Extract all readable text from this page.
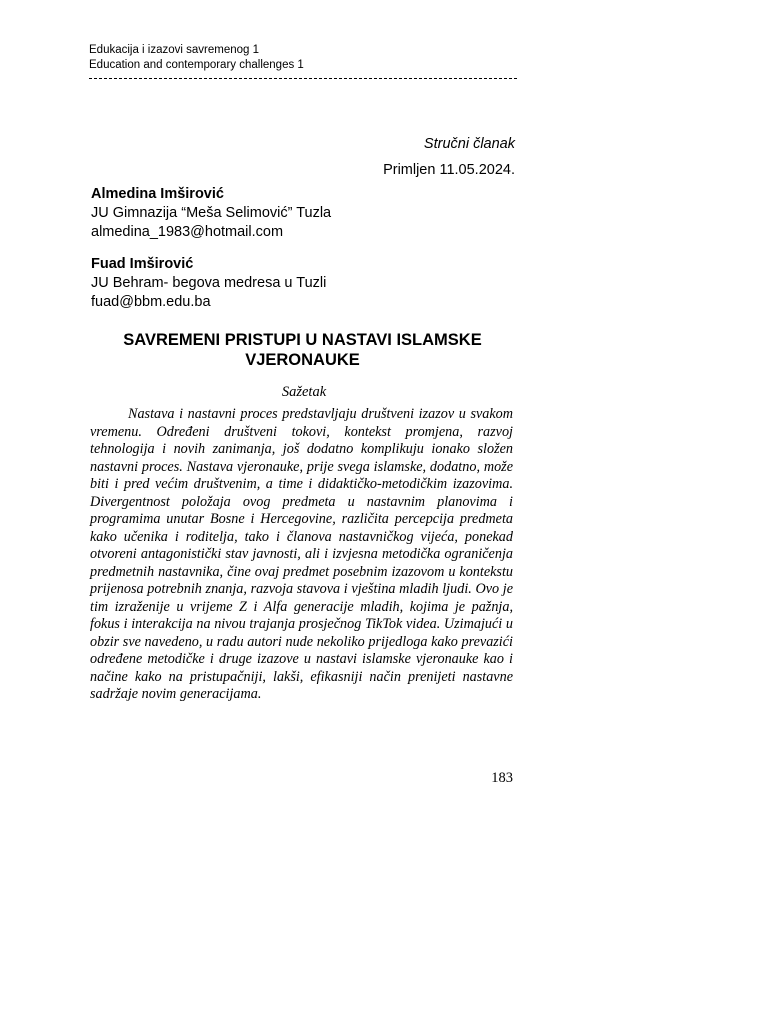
Edukacija i izazovi savremenog 1
Education and contemporary challenges 1
Stručni članak
Primljen 11.05.2024.
Almedina Imširović
JU Gimnazija “Meša Selimović” Tuzla
almedina_1983@hotmail.com
Fuad Imširović
JU Behram- begova medresa u Tuzli
fuad@bbm.edu.ba
SAVREMENI PRISTUPI U NASTAVI ISLAMSKE VJERONAUKE
Sažetak

Nastava i nastavni proces predstavljaju društveni izazov u svakom vremenu. Određeni društveni tokovi, kontekst promjena, razvoj tehnologija i novih zanimanja, još dodatno komplikuju ionako složen nastavni proces. Nastava vjeronauke, prije svega islamske, dodatno, može biti i pred većim društvenim, a time i didaktičko-metodičkim izazovima. Divergentnost položaja ovog predmeta u nastavnim planovima i programima unutar Bosne i Hercegovine, različita percepcija predmeta kako učenika i roditelja, tako i članova nastavničkog vijeća, ponekad otvoreni antagonistički stav javnosti, ali i izvjesna metodička ograničenja predmetnih nastavnika, čine ovaj predmet posebnim izazovom u kontekstu prijenosa potrebnih znanja, razvoja stavova i vještina mladih ljudi. Ovo je tim izraženije u vrijeme Z i Alfa generacije mladih, kojima je pažnja, fokus i interakcija na nivou trajanja prosječnog TikTok videa. Uzimajući u obzir sve navedeno, u radu autori nude nekoliko prijedloga kako prevazići određene metodičke i druge izazove u nastavi islamske vjeronauke kao i načine kako na pristupačniji, lakši, efikasniji način prenijeti nastavne sadržaje novim generacijama.

183
